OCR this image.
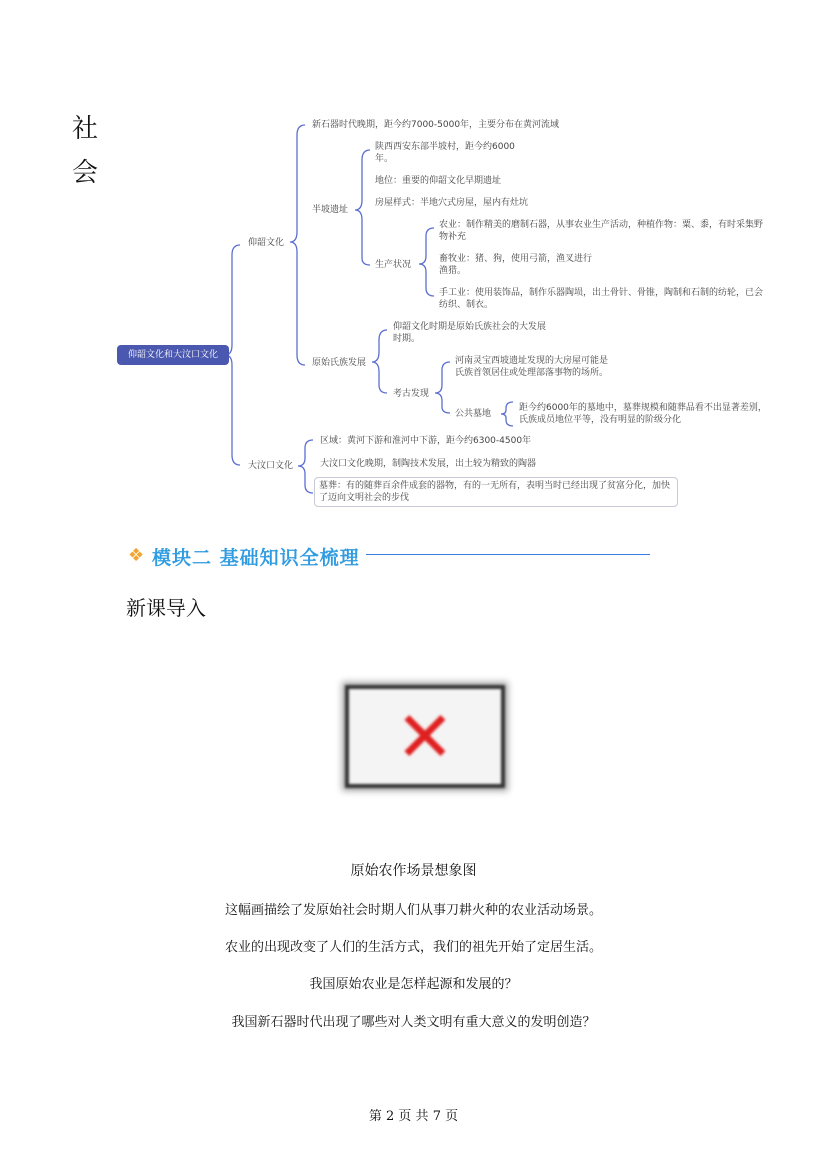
社
会
仰韶文化和大汶口文化
仰韶文化
新石器时代晚期，距今约7000-5000年，主要分布在黄河流域
半坡遗址
陕西西安东部半坡村，距今约6000年。
地位：重要的仰韶文化早期遗址
房屋样式：半地穴式房屋，屋内有灶坑
生产状况
农业：制作精美的磨制石器，从事农业生产活动，种植作物：粟、黍，有时采集野物补充
畜牧业：猪、狗，使用弓箭，渔叉进行渔猎。
手工业：使用装饰品，制作乐器陶埙，出土骨针、骨锥，陶制和石制的纺轮，已会纺织、制衣。
原始氏族发展
仰韶文化时期是原始氏族社会的大发展时期。
考古发现
河南灵宝西坡遗址发现的大房屋可能是氏族首领居住或处理部落事物的场所。
公共墓地
距今约6000年的墓地中，墓葬规模和随葬品看不出显著差别，氏族成员地位平等，没有明显的阶级分化
大汶口文化
区域：黄河下游和淮河中下游，距今约6300-4500年
大汶口文化晚期，制陶技术发展，出土较为精致的陶器
墓葬：有的随葬百余件成套的器物，有的一无所有，表明当时已经出现了贫富分化，加快了迈向文明社会的步伐
❖ 模块二 基础知识全梳理
新课导入
✕
原始农作场景想象图
这幅画描绘了发原始社会时期人们从事刀耕火种的农业活动场景。
农业的出现改变了人们的生活方式，我们的祖先开始了定居生活。
我国原始农业是怎样起源和发展的？
我国新石器时代出现了哪些对人类文明有重大意义的发明创造？
第 2 页 共 7 页
